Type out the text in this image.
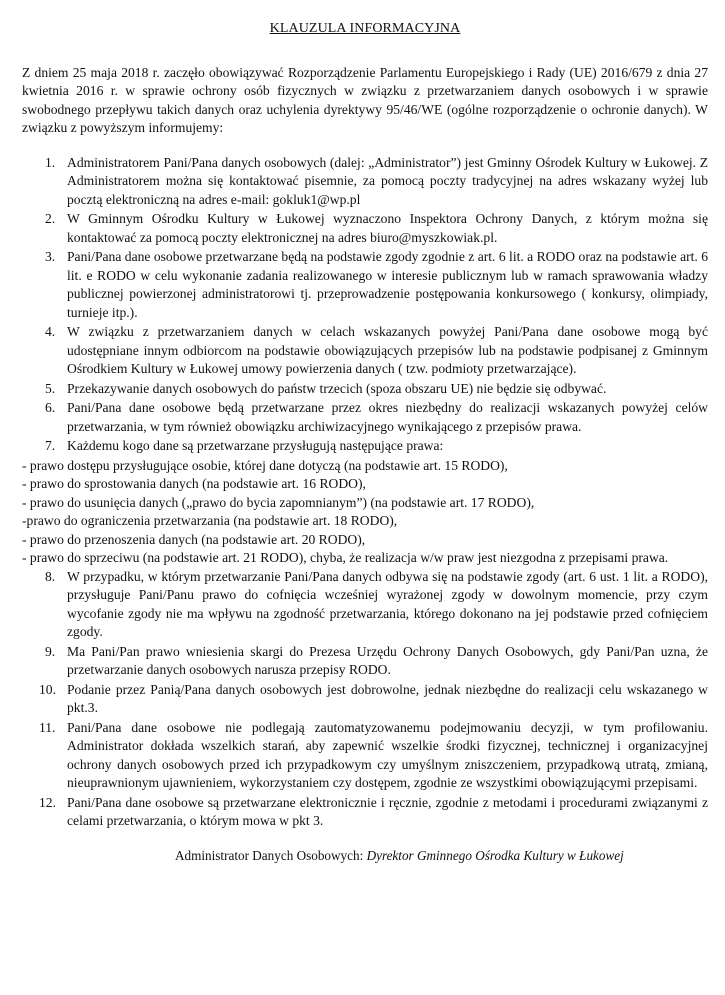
KLAUZULA INFORMACYJNA
Z dniem 25 maja 2018 r. zaczęło obowiązywać Rozporządzenie Parlamentu Europejskiego i Rady (UE) 2016/679 z dnia 27 kwietnia 2016 r. w sprawie ochrony osób fizycznych w związku z przetwarzaniem danych osobowych i w sprawie swobodnego przepływu takich danych oraz uchylenia dyrektywy 95/46/WE (ogólne rozporządzenie o ochronie danych). W związku z powyższym informujemy:
1. Administratorem Pani/Pana danych osobowych (dalej: „Administrator”) jest Gminny Ośrodek Kultury w Łukowej. Z Administratorem można się kontaktować pisemnie, za pomocą poczty tradycyjnej na adres wskazany wyżej lub pocztą elektroniczną na adres e-mail: gokluk1@wp.pl
2. W Gminnym Ośrodku Kultury w Łukowej wyznaczono Inspektora Ochrony Danych, z którym można się kontaktować za pomocą poczty elektronicznej na adres biuro@myszkowiak.pl.
3. Pani/Pana dane osobowe przetwarzane będą na podstawie zgody zgodnie z art. 6 lit. a RODO oraz na podstawie art. 6 lit. e RODO w celu wykonanie zadania realizowanego w interesie publicznym lub w ramach sprawowania władzy publicznej powierzonej administratorowi tj. przeprowadzenie postępowania konkursowego ( konkursy, olimpiady, turnieje itp.).
4. W związku z przetwarzaniem danych w celach wskazanych powyżej Pani/Pana dane osobowe mogą być udostępniane innym odbiorcom na podstawie obowiązujących przepisów lub na podstawie podpisanej z Gminnym Ośrodkiem Kultury w Łukowej umowy powierzenia danych ( tzw. podmioty przetwarzające).
5. Przekazywanie danych osobowych do państw trzecich (spoza obszaru UE) nie będzie się odbywać.
6. Pani/Pana dane osobowe będą przetwarzane przez okres niezbędny do realizacji wskazanych powyżej celów przetwarzania, w tym również obowiązku archiwizacyjnego wynikającego z przepisów prawa.
7. Każdemu kogo dane są przetwarzane przysługują następujące prawa:
- prawo dostępu przysługujące osobie, której dane dotyczą (na podstawie art. 15 RODO),
- prawo do sprostowania danych (na podstawie art. 16 RODO),
- prawo do usunięcia danych („prawo do bycia zapomnianym”) (na podstawie art. 17 RODO),
-prawo do ograniczenia przetwarzania (na podstawie art. 18 RODO),
- prawo do przenoszenia danych (na podstawie art. 20 RODO),
- prawo do sprzeciwu (na podstawie art. 21 RODO), chyba, że realizacja w/w praw jest niezgodna z przepisami prawa.
8. W przypadku, w którym przetwarzanie Pani/Pana danych odbywa się na podstawie zgody (art. 6 ust. 1 lit. a RODO), przysługuje Pani/Panu prawo do cofnięcia wcześniej wyrażonej zgody w dowolnym momencie, przy czym wycofanie zgody nie ma wpływu na zgodność przetwarzania, którego dokonano na jej podstawie przed cofnięciem zgody.
9. Ma Pani/Pan prawo wniesienia skargi do Prezesa Urzędu Ochrony Danych Osobowych, gdy Pani/Pan uzna, że przetwarzanie danych osobowych narusza przepisy RODO.
10. Podanie przez Panią/Pana danych osobowych jest dobrowolne, jednak niezbędne do realizacji celu wskazanego w pkt.3.
11. Pani/Pana dane osobowe nie podlegają zautomatyzowanemu podejmowaniu decyzji, w tym profilowaniu. Administrator dokłada wszelkich starań, aby zapewnić wszelkie środki fizycznej, technicznej i organizacyjnej ochrony danych osobowych przed ich przypadkowym czy umyślnym zniszczeniem, przypadkową utratą, zmianą, nieuprawnionym ujawnieniem, wykorzystaniem czy dostępem, zgodnie ze wszystkimi obowiązującymi przepisami.
12. Pani/Pana dane osobowe są przetwarzane elektronicznie i ręcznie, zgodnie z metodami i procedurami związanymi z celami przetwarzania, o którym mowa w pkt 3.
Administrator Danych Osobowych: Dyrektor Gminnego Ośrodka Kultury w Łukowej
